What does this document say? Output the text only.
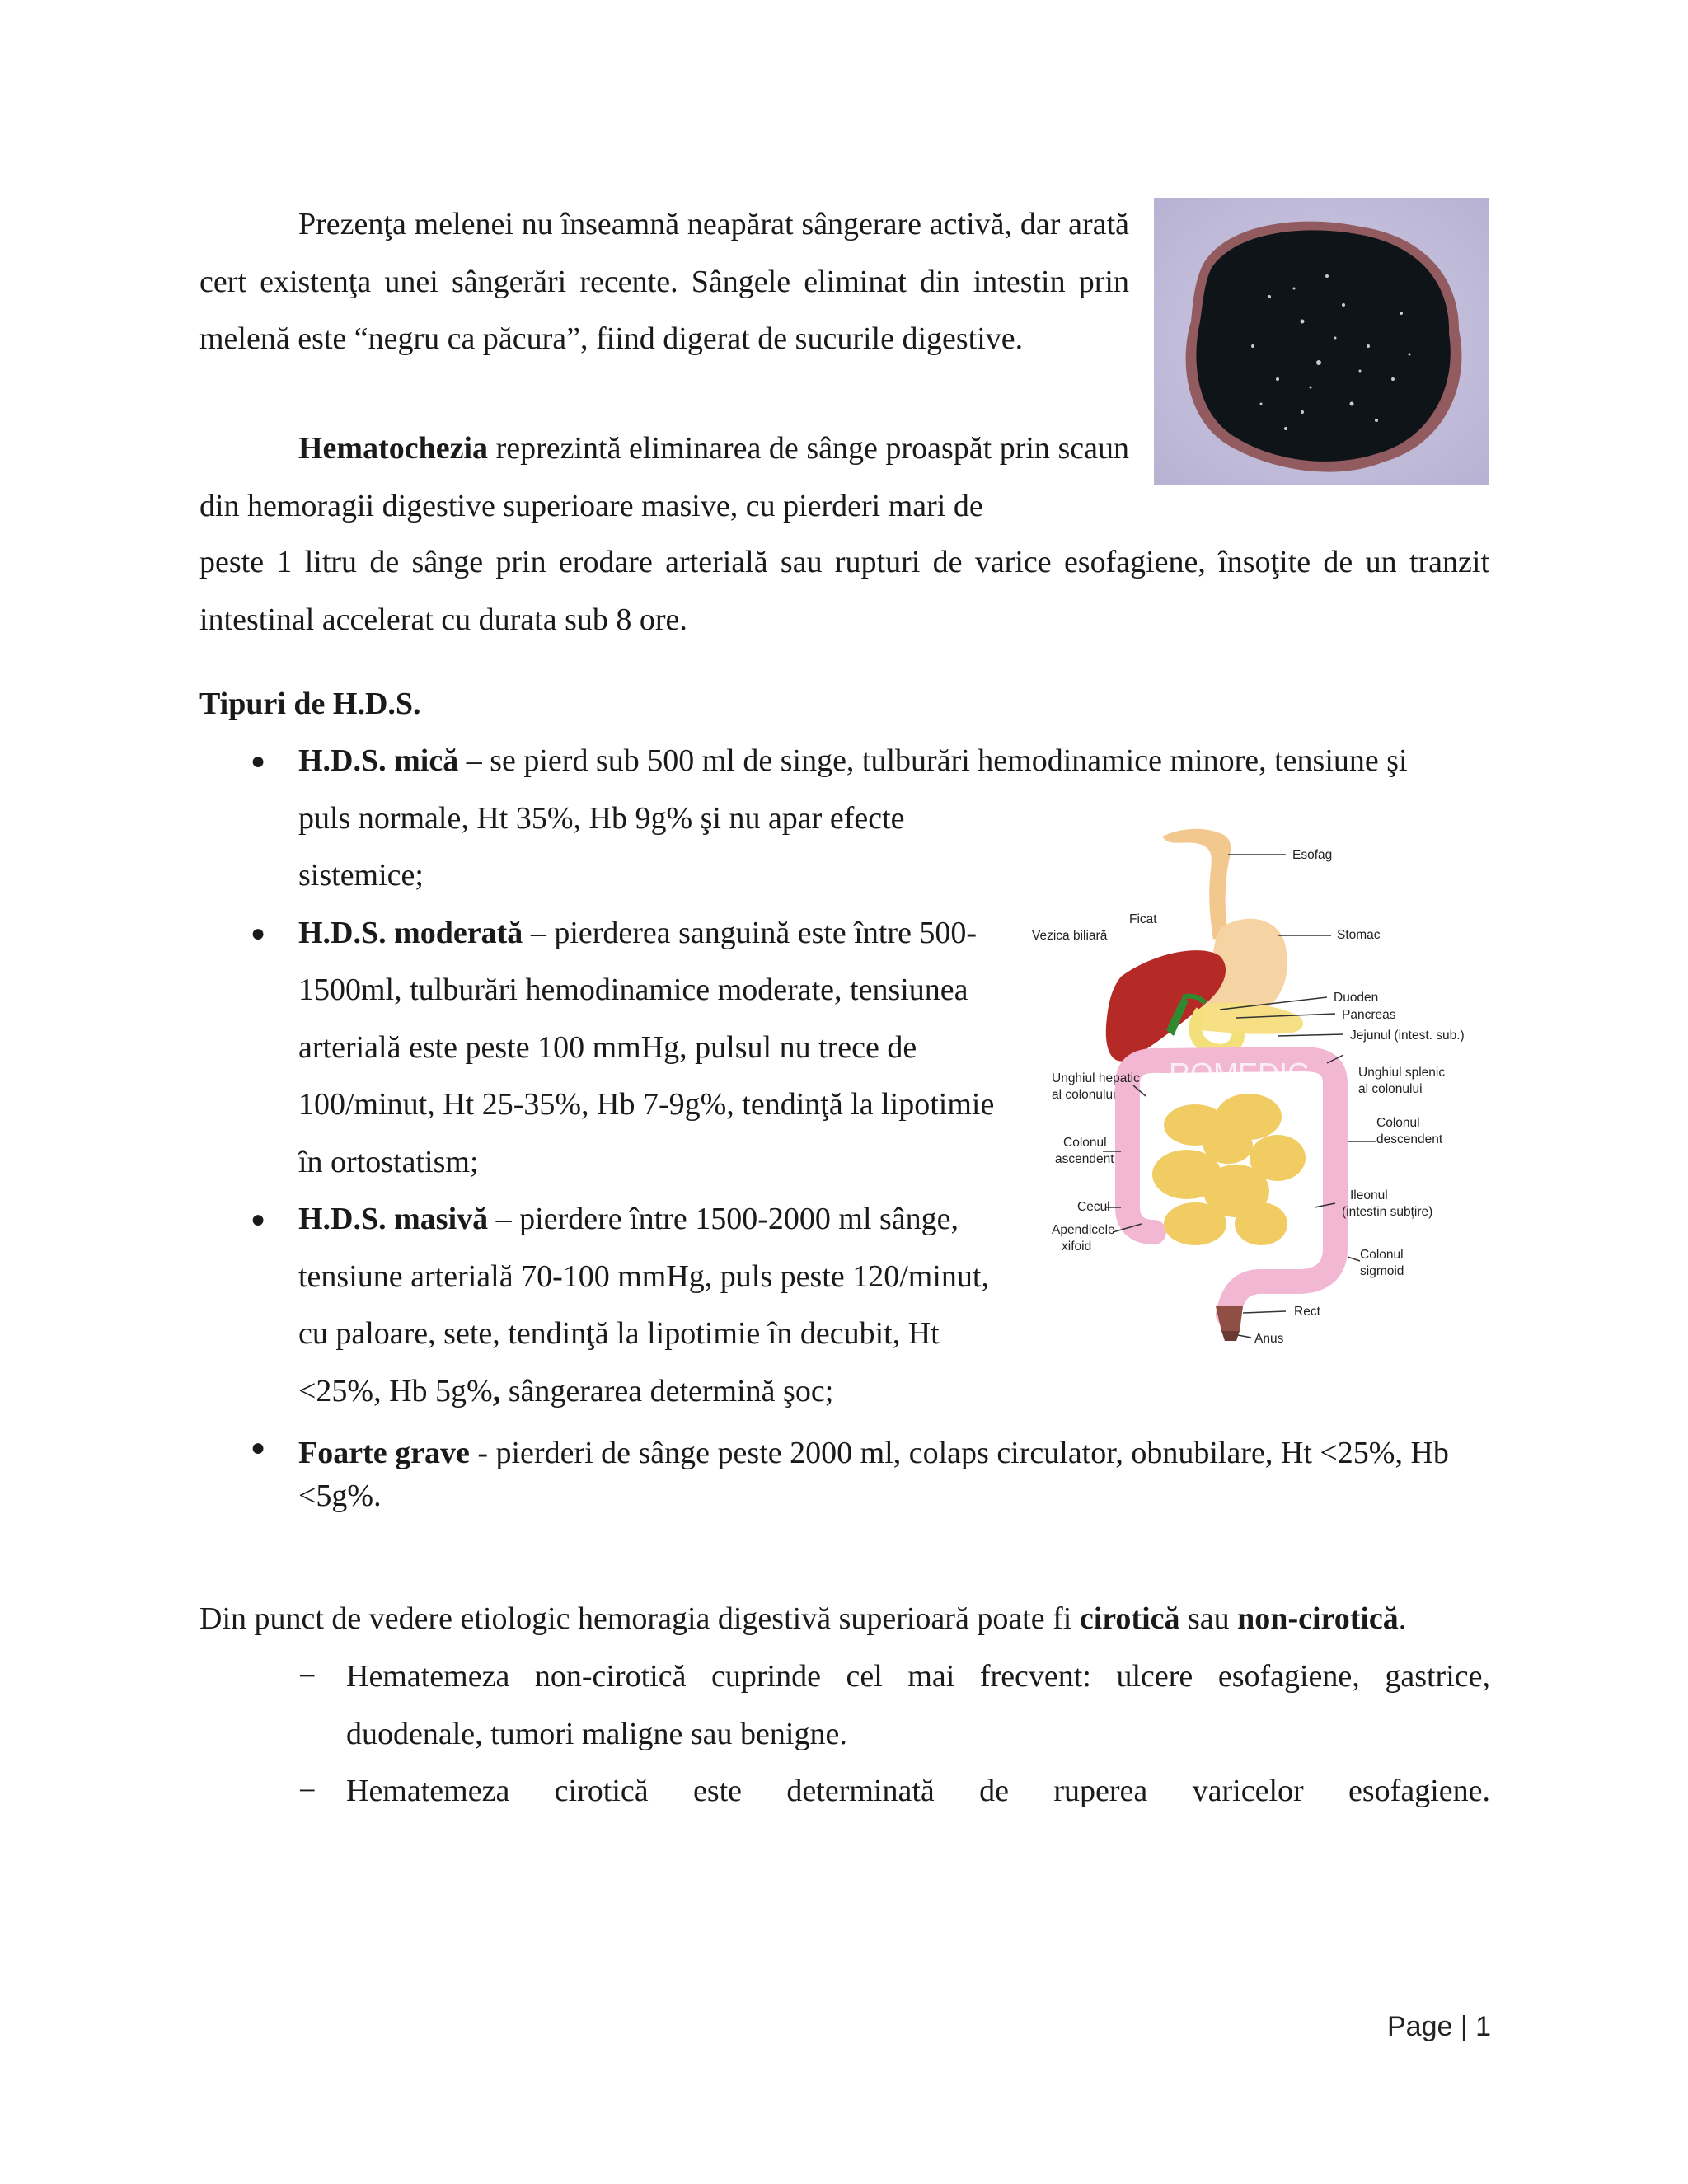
Prezenţa melenei nu înseamnă neapărat sângerare activă, dar arată cert existenţa unei sângerări recente. Sângele eliminat din intestin prin melenă este “negru ca păcura”, fiind digerat de sucurile digestive.
Hematochezia reprezintă eliminarea de sânge proaspăt prin scaun din hemoragii digestive superioare masive, cu pierderi mari de
peste 1 litru de sânge prin erodare arterială sau rupturi de varice esofagiene, însoţite de un tranzit intestinal accelerat cu durata sub 8 ore.
Tipuri de H.D.S.
● H.D.S. mică – se pierd sub 500 ml de singe, tulburări hemodinamice minore, tensiune şi
puls normale, Ht 35%, Hb 9g% şi nu apar efecte
sistemice;
● H.D.S. moderată – pierderea sanguină este între 500-1500ml, tulburări hemodinamice moderate, tensiunea arterială este peste 100 mmHg, pulsul nu trece de 100/minut, Ht 25-35%, Hb 7-9g%, tendinţă la lipotimie în ortostatism;
● H.D.S. masivă – pierdere între 1500-2000 ml sânge, tensiune arterială 70-100 mmHg, puls peste 120/minut, cu paloare, sete, tendinţă la lipotimie în decubit, Ht <25%, Hb 5g%, sângerarea determină şoc;
● Foarte grave - pierderi de sânge peste 2000 ml, colaps circulator, obnubilare, Ht <25%, Hb <5g%.
ROMEDIC
Esofag
Ficat
Vezica biliară	Stomac
Duoden
Pancreas
Jejunul (intest. sub.)
Unghiul hepatic
al colonului
Unghiul splenic
al colonului
Colonul
ascendent
Colonul
descendent
Cecul
Ileonul
(intestin subţire)
Apendicele
xifoid
Colonul
sigmoid
Rect
Anus
Din punct de vedere etiologic hemoragia digestivă superioară poate fi cirotică sau non-cirotică.
− Hematemeza non-cirotică cuprinde cel mai frecvent: ulcere esofagiene, gastrice, duodenale, tumori maligne sau benigne.
− Hematemeza cirotică este determinată de ruperea varicelor esofagiene.
Page | 1
